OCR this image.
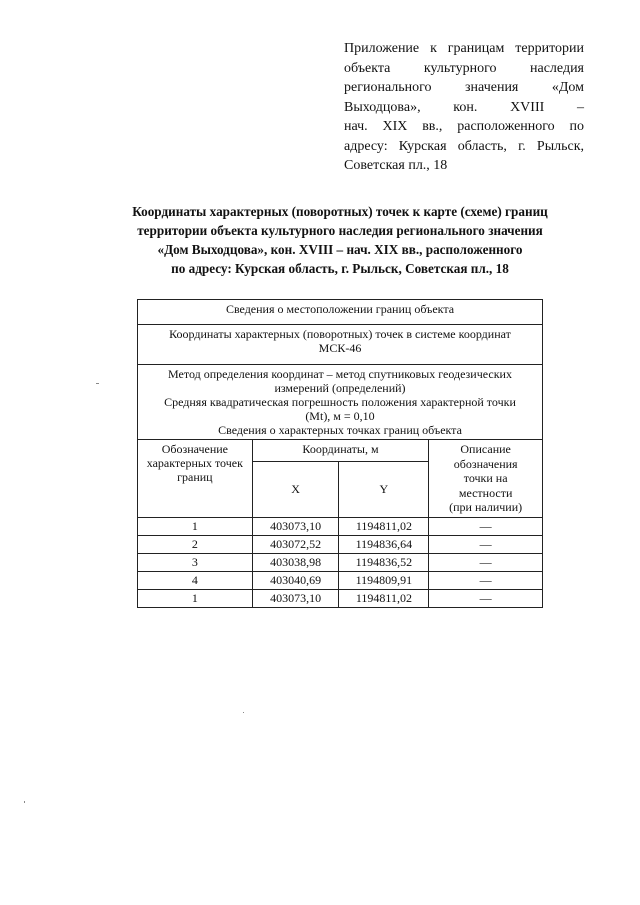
Приложение к границам территории
объекта культурного наследия
регионального значения «Дом
Выходцова», кон. XVIII –
нач. XIX вв., расположенного по
адресу: Курская область, г. Рыльск,
Советская пл., 18
Координаты характерных (поворотных) точек к карте (схеме) границ
территории объекта культурного наследия регионального значения
«Дом Выходцова», кон. XVIII – нач. XIX вв., расположенного
по адресу: Курская область, г. Рыльск, Советская пл., 18
Сведения о местоположении границ объекта			

Координаты характерных (поворотных) точек в системе координат
МСК-46			

Метод определения координат – метод спутниковых геодезических
измерений (определений)
Средняя квадратическая погрешность положения характерной точки
(Mt), м = 0,10
Сведения о характерных точках границ объекта			

Обозначение
характерных точек
границ	Координаты, м		Описание
обозначения
точки на
местности
(при наличии)

	X	Y	
1	403073,10	1194811,02	—
2	403072,52	1194836,64	—
3	403038,98	1194836,52	—
4	403040,69	1194809,91	—
1	403073,10	1194811,02	—
